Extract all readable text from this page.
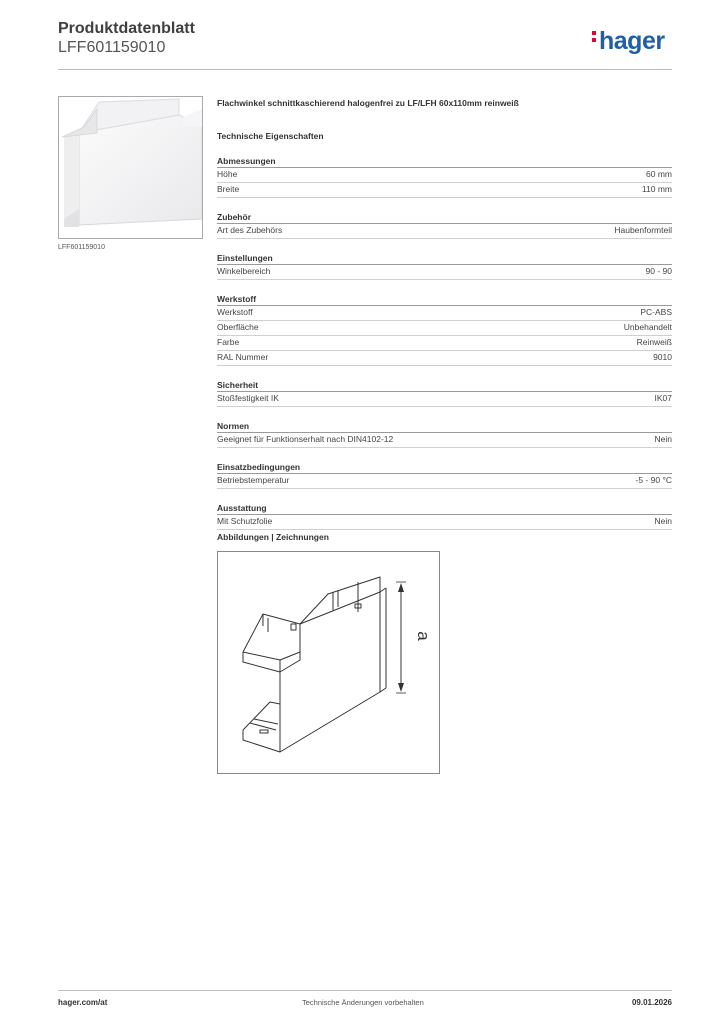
Produktdatenblatt
LFF601159010	hager
LFF601159010
Flachwinkel schnittkaschierend halogenfrei zu LF/LFH 60x110mm reinweiß
Technische Eigenschaften
Abmessungen
Höhe	60 mm
Breite	110 mm
Zubehör
Art des Zubehörs	Haubenformteil
Einstellungen
Winkelbereich	90 - 90
Werkstoff
Werkstoff	PC-ABS
Oberfläche	Unbehandelt
Farbe	Reinweiß
RAL Nummer	9010
Sicherheit
Stoßfestigkeit IK	IK07
Normen
Geeignet für Funktionserhalt nach DIN4102-12	Nein
Einsatzbedingungen
Betriebstemperatur	-5 - 90 °C
Ausstattung
Mit Schutzfolie	Nein
Abbildungen | Zeichnungen
a
hager.com/at	Technische Änderungen vorbehalten	09.01.2026
